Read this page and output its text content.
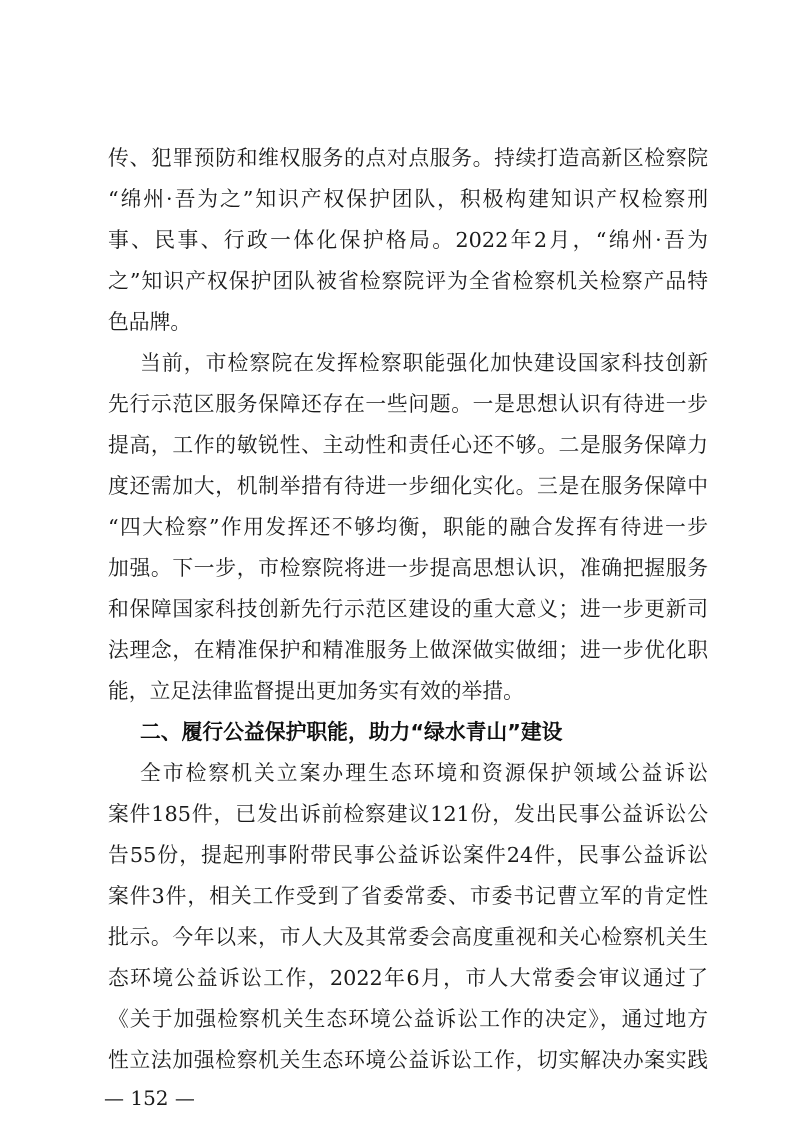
传、犯罪预防和维权服务的点对点服务。持续打造高新区检察院
“绵州·吾为之”知识产权保护团队，积极构建知识产权检察刑
事、民事、行政一体化保护格局。2022年2月，“绵州·吾为
之”知识产权保护团队被省检察院评为全省检察机关检察产品特
色品牌。
当前，市检察院在发挥检察职能强化加快建设国家科技创新
先行示范区服务保障还存在一些问题。一是思想认识有待进一步
提高，工作的敏锐性、主动性和责任心还不够。二是服务保障力
度还需加大，机制举措有待进一步细化实化。三是在服务保障中
“四大检察”作用发挥还不够均衡，职能的融合发挥有待进一步
加强。下一步，市检察院将进一步提高思想认识，准确把握服务
和保障国家科技创新先行示范区建设的重大意义；进一步更新司
法理念，在精准保护和精准服务上做深做实做细；进一步优化职
能，立足法律监督提出更加务实有效的举措。
二、履行公益保护职能，助力“绿水青山”建设
全市检察机关立案办理生态环境和资源保护领域公益诉讼
案件185件，已发出诉前检察建议121份，发出民事公益诉讼公
告55份，提起刑事附带民事公益诉讼案件24件，民事公益诉讼
案件3件，相关工作受到了省委常委、市委书记曹立军的肯定性
批示。今年以来，市人大及其常委会高度重视和关心检察机关生
态环境公益诉讼工作，2022年6月，市人大常委会审议通过了
《关于加强检察机关生态环境公益诉讼工作的决定》，通过地方
性立法加强检察机关生态环境公益诉讼工作，切实解决办案实践
— 152 —
